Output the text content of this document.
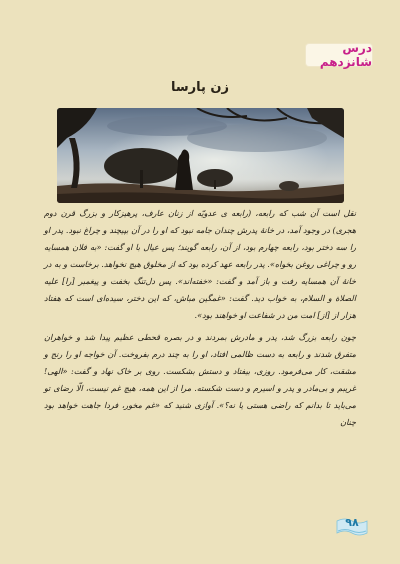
درس شانزدهم
زن پارسا

نقل است آن شب که رابعه، (رابعه ی عدویّه از زنان عارف، پرهیزکار و بزرگ قرن دوم هجری) در وجود آمد، در خانهٔ پدرش چندان جامه نبود که او را در آن بپیچند و چراغ نبود. پدر او را سه دختر بود، رابعه چهارم بود، از آن، رابعه گویند؛ پس عیال با او گفت: «به فلان همسایه رو و چراغی روغن بخواه». پدر رابعه عهد کرده بود که از مخلوق هیچ نخواهد. برخاست و به در خانهٔ آن همسایه رفت و باز آمد و گفت: «خفته‌اند». پس دل‌تنگ بخفت و پیغمبر [را] علیه الصلاة و السلام، به خواب دید. گفت: «غمگین مباش، که این دختر، سیده‌ای است که هفتاد هزار از [از] امت من در شفاعت او خواهند بود».

چون رابعه بزرگ شد، پدر و مادرش بمردند و در بصره قحطی عظیم پیدا شد و خواهران متفرق شدند و رابعه به دست ظالمی افتاد، او را به چند درم بفروخت. آن خواجه او را رنج و مشقت، کار می‌فرمود. روزی، بیفتاد و دستش بشکست. روی بر خاک نهاد و گفت: «الهی! غریبم و بی‌مادر و پدر و اسیرم و دست شکسته. مرا از این همه، هیچ غم نیست، الّا رضای تو می‌باید تا بدانم که راضی هستی یا نه؟». آوازی شنید که «غم مخور، فردا جاهت خواهد بود چنان

۹۸
